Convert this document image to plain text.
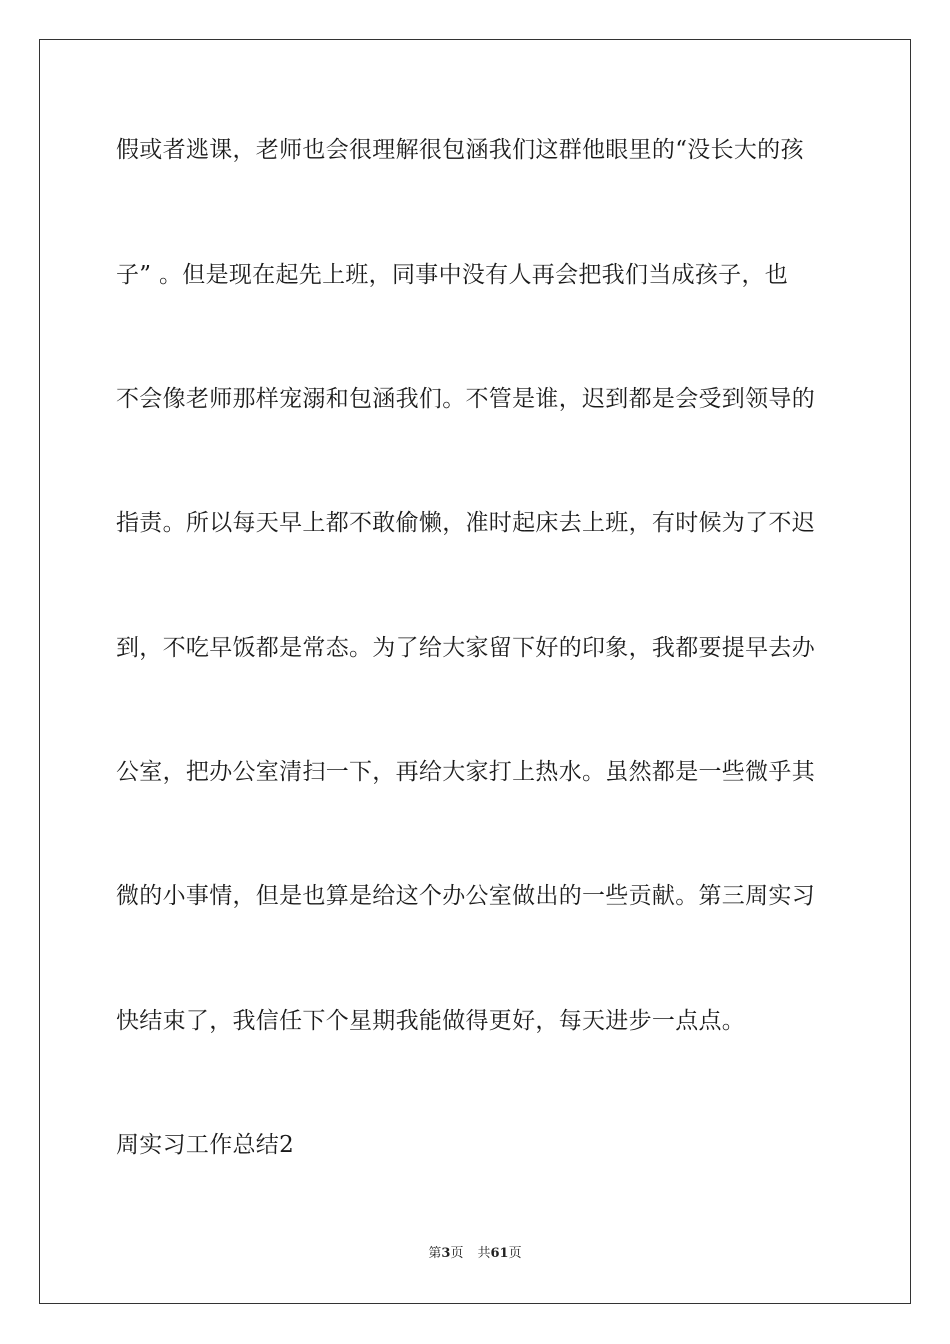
假或者逃课，老师也会很理解很包涵我们这群他眼里的“没长大的孩
子” 。但是现在起先上班，同事中没有人再会把我们当成孩子，也
不会像老师那样宠溺和包涵我们。不管是谁，迟到都是会受到领导的
指责。所以每天早上都不敢偷懒，准时起床去上班，有时候为了不迟
到，不吃早饭都是常态。为了给大家留下好的印象，我都要提早去办
公室，把办公室清扫一下，再给大家打上热水。虽然都是一些微乎其
微的小事情，但是也算是给这个办公室做出的一些贡献。第三周实习
快结束了，我信任下个星期我能做得更好，每天进步一点点。
周实习工作总结2
第3页 共61页
